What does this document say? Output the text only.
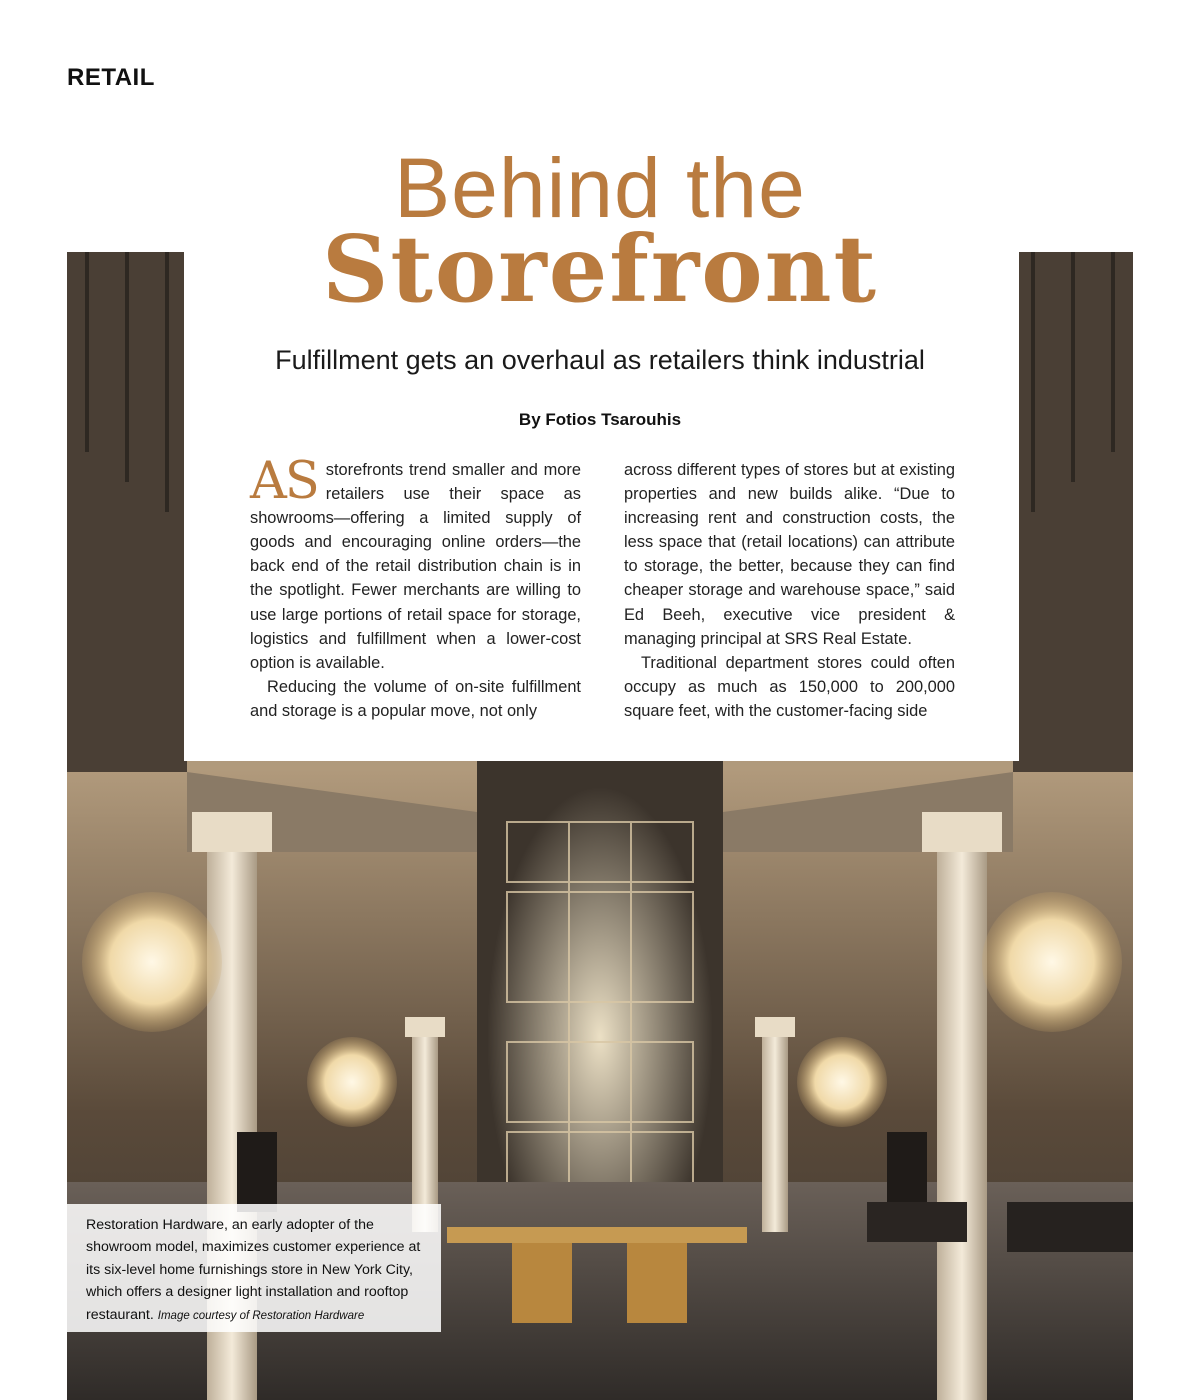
RETAIL
Behind the
Storefront
Fulfillment gets an overhaul as retailers think industrial
By Fotios Tsarouhis

AS storefronts trend smaller and more retailers use their space as showrooms—offering a limited supply of goods and encouraging online orders—the back end of the retail distribution chain is in the spotlight. Fewer merchants are willing to use large portions of retail space for storage, logistics and fulfillment when a lower-cost option is available.

Reducing the volume of on-site fulfillment and storage is a popular move, not only

across different types of stores but at existing properties and new builds alike. “Due to increasing rent and construction costs, the less space that (retail locations) can attribute to storage, the better, because they can find cheaper storage and warehouse space,” said Ed Beeh, executive vice president & managing principal at SRS Real Estate.

Traditional department stores could often occupy as much as 150,000 to 200,000 square feet, with the customer-facing side

Restoration Hardware, an early adopter of the showroom model, maximizes customer experience at its six-level home furnishings store in New York City, which offers a designer light installation and rooftop restaurant. Image courtesy of Restoration Hardware
